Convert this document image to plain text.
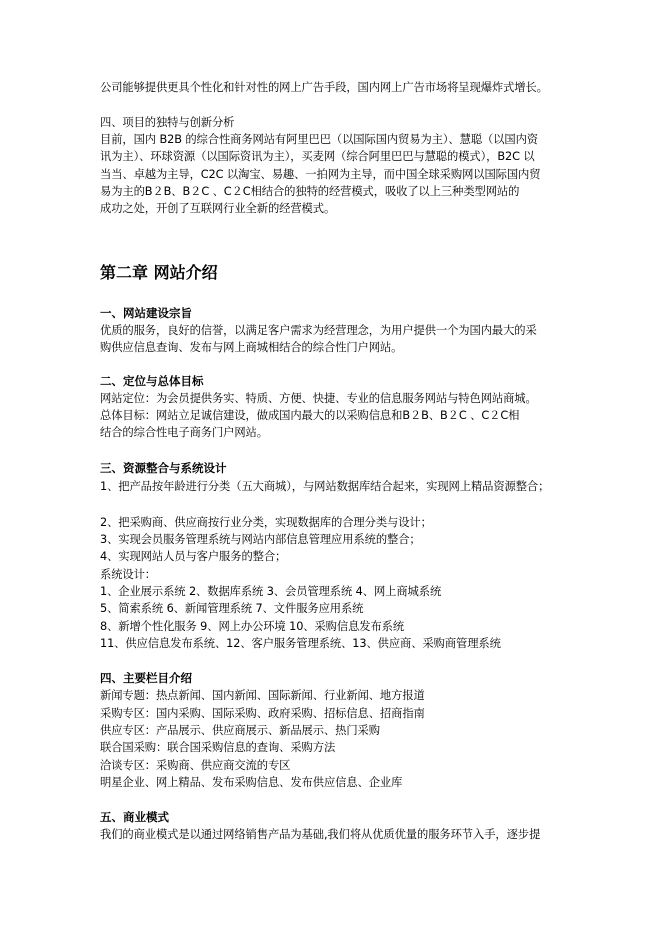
公司能够提供更具个性化和针对性的网上广告手段，国内网上广告市场将呈现爆炸式增长。
四、项目的独特与创新分析
目前，国内 B2B 的综合性商务网站有阿里巴巴（以国际国内贸易为主）、慧聪（以国内资
讯为主）、环球资源（以国际资讯为主），买麦网（综合阿里巴巴与慧聪的模式），B2C 以
当当、卓越为主导，C2C 以淘宝、易趣、一拍网为主导，而中国全球采购网以国际国内贸
易为主的B２B、B２C 、C２C相结合的独特的经营模式，吸收了以上三种类型网站的
成功之处，开创了互联网行业全新的经营模式。
第二章 网站介绍
一、网站建设宗旨
优质的服务，良好的信誉，以满足客户需求为经营理念，为用户提供一个为国内最大的采
购供应信息查询、发布与网上商城相结合的综合性门户网站。
二、定位与总体目标
网站定位：为会员提供务实、特质、方便、快捷、专业的信息服务网站与特色网站商城。
总体目标：网站立足诚信建设，做成国内最大的以采购信息和B２B、B２C 、C２C相
结合的综合性电子商务门户网站。
三、资源整合与系统设计
1、把产品按年龄进行分类（五大商城），与网站数据库结合起来，实现网上精品资源整合；
2、把采购商、供应商按行业分类，实现数据库的合理分类与设计；
3、实现会员服务管理系统与网站内部信息管理应用系统的整合；
4、实现网站人员与客户服务的整合；
系统设计：
1、企业展示系统 2、数据库系统 3、会员管理系统 4、网上商城系统
5、简索系统 6、新闻管理系统 7、文件服务应用系统
8、新增个性化服务 9、网上办公环境 10、采购信息发布系统
11、供应信息发布系统、12、客户服务管理系统、13、供应商、采购商管理系统
四、主要栏目介绍
新闻专题：热点新闻、国内新闻、国际新闻、行业新闻、地方报道
采购专区：国内采购、国际采购、政府采购、招标信息、招商指南
供应专区：产品展示、供应商展示、新品展示、热门采购
联合国采购：联合国采购信息的查询、采购方法
洽谈专区：采购商、供应商交流的专区
明星企业、网上精品、发布采购信息、发布供应信息、企业库
五、商业模式
我们的商业模式是以通过网络销售产品为基础,我们将从优质优量的服务环节入手，逐步提
